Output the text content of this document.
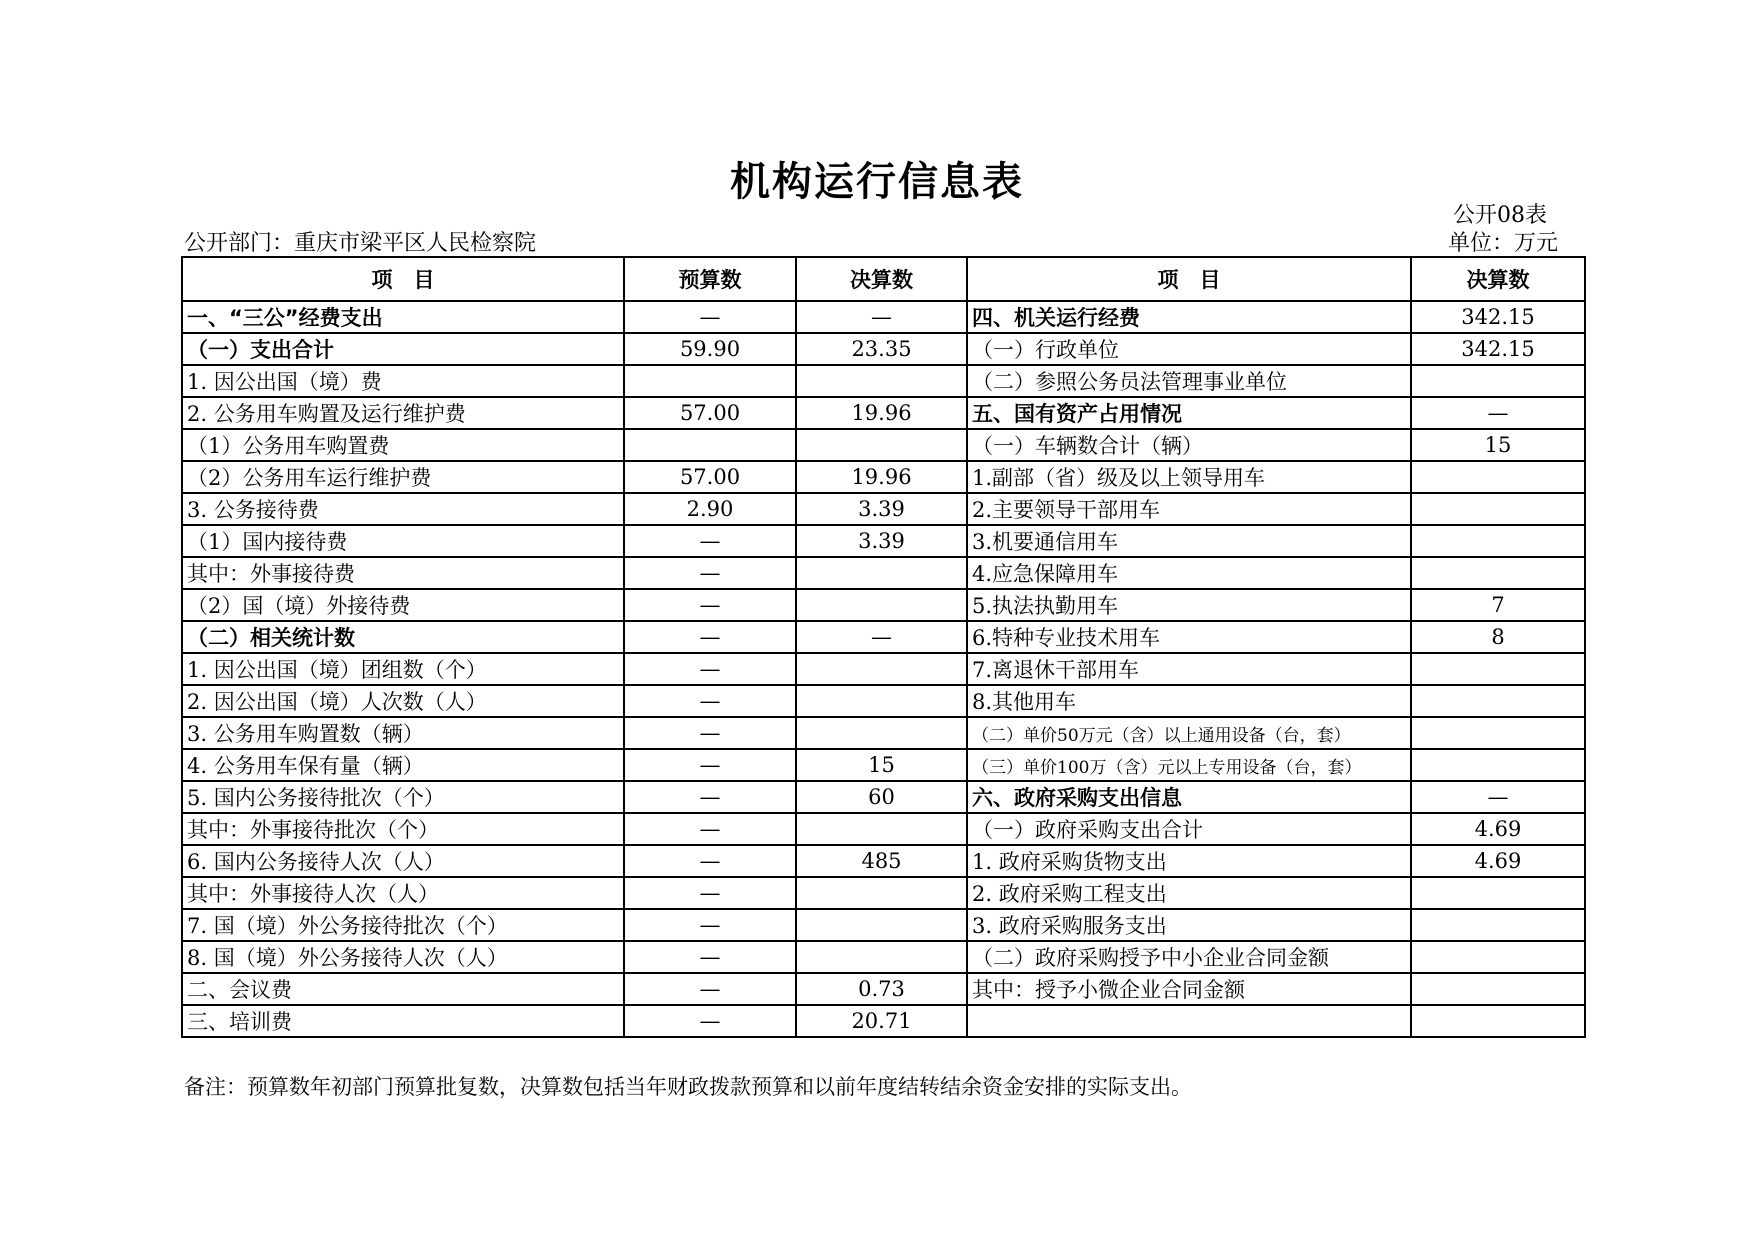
机构运行信息表
公开08表
单位：万元
公开部门：重庆市梁平区人民检察院
项　目	预算数	决算数	项　目	决算数
一、“三公”经费支出	—	—	四、机关运行经费	342.15
（一）支出合计	59.90	23.35	（一）行政单位	342.15
1. 因公出国（境）费			（二）参照公务员法管理事业单位	
2. 公务用车购置及运行维护费	57.00	19.96	五、国有资产占用情况	—
（1）公务用车购置费			（一）车辆数合计（辆）	15
（2）公务用车运行维护费	57.00	19.96	1.副部（省）级及以上领导用车	
3. 公务接待费	2.90	3.39	2.主要领导干部用车	
（1）国内接待费	—	3.39	3.机要通信用车	
其中：外事接待费	—		4.应急保障用车	
（2）国（境）外接待费	—		5.执法执勤用车	7
（二）相关统计数	—	—	6.特种专业技术用车	8
1. 因公出国（境）团组数（个）	—		7.离退休干部用车	
2. 因公出国（境）人次数（人）	—		8.其他用车	
3. 公务用车购置数（辆）	—		（二）单价50万元（含）以上通用设备（台，套）	
4. 公务用车保有量（辆）	—	15	（三）单价100万（含）元以上专用设备（台，套）	
5. 国内公务接待批次（个）	—	60	六、政府采购支出信息	—
其中：外事接待批次（个）	—		（一）政府采购支出合计	4.69
6. 国内公务接待人次（人）	—	485	1. 政府采购货物支出	4.69
其中：外事接待人次（人）	—		2. 政府采购工程支出	
7. 国（境）外公务接待批次（个）	—		3. 政府采购服务支出	
8. 国（境）外公务接待人次（人）	—		（二）政府采购授予中小企业合同金额	
二、会议费	—	0.73	其中：授予小微企业合同金额	
三、培训费	—	20.71		
备注：预算数年初部门预算批复数，决算数包括当年财政拨款预算和以前年度结转结余资金安排的实际支出。
